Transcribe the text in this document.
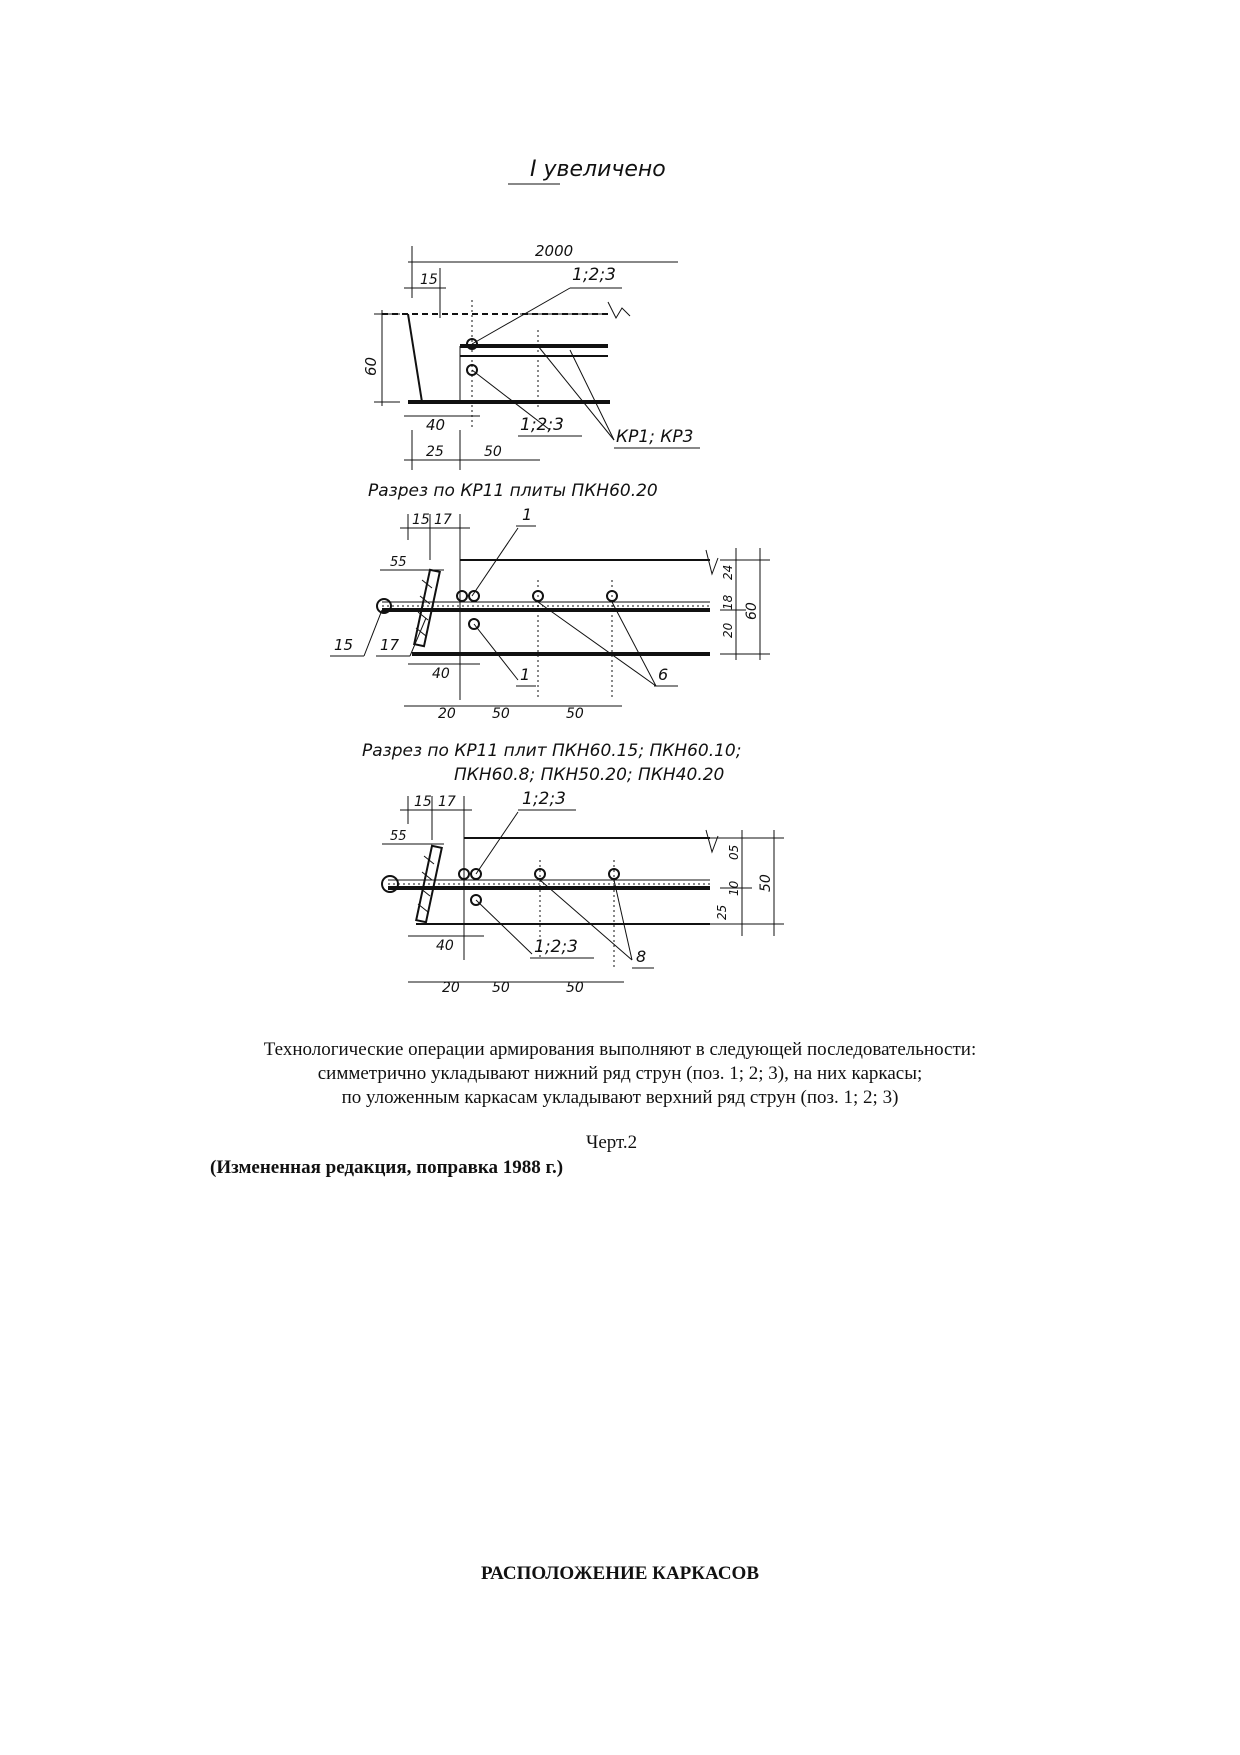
I увеличено
2000
15	1;2;3
60
40	1;2;3
КР1; КР3
25	50
Разрез по КР11 плиты ПКН60.20
15 17	1
55
24
18
20
60
15 17
40	1	6
20	50	50
Разрез по КР11 плит ПКН60.15; ПКН60.10;
ПКН60.8; ПКН50.20; ПКН40.20
15 17	1;2;3
55
05
10
25
50
40	1;2;3	8
20 50	50

Технологические операции армирования выполняют в следующей последовательности:

симметрично укладывают нижний ряд струн (поз. 1; 2; 3), на них каркасы;

по уложенным каркасам укладывают верхний ряд струн (поз. 1; 2; 3)

Черт.2
(Измененная редакция, поправка 1988 г.)
РАСПОЛОЖЕНИЕ КАРКАСОВ
